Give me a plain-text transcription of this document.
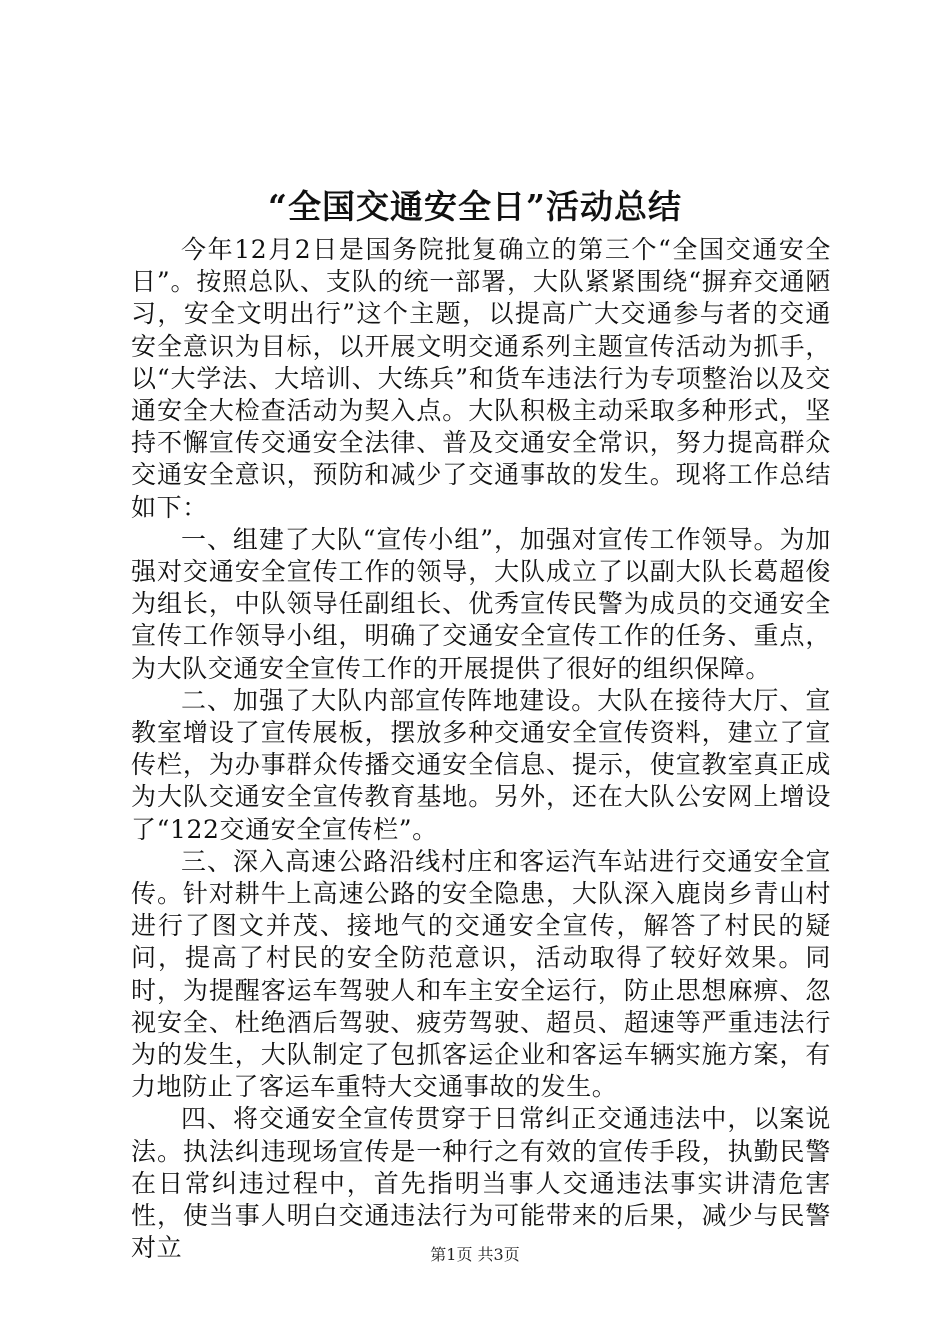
“全国交通安全日”活动总结

今年12月2日是国务院批复确立的第三个“全国交通安全日”。按照总队、支队的统一部署，大队紧紧围绕“摒弃交通陋习，安全文明出行”这个主题，以提高广大交通参与者的交通安全意识为目标，以开展文明交通系列主题宣传活动为抓手，以“大学法、大培训、大练兵”和货车违法行为专项整治以及交通安全大检查活动为契入点。大队积极主动采取多种形式，坚持不懈宣传交通安全法律、普及交通安全常识，努力提高群众交通安全意识，预防和减少了交通事故的发生。现将工作总结如下：

一、组建了大队“宣传小组”，加强对宣传工作领导。为加强对交通安全宣传工作的领导，大队成立了以副大队长葛超俊为组长，中队领导任副组长、优秀宣传民警为成员的交通安全宣传工作领导小组，明确了交通安全宣传工作的任务、重点，为大队交通安全宣传工作的开展提供了很好的组织保障。

二、加强了大队内部宣传阵地建设。大队在接待大厅、宣教室增设了宣传展板，摆放多种交通安全宣传资料，建立了宣传栏，为办事群众传播交通安全信息、提示，使宣教室真正成为大队交通安全宣传教育基地。另外，还在大队公安网上增设了“122交通安全宣传栏”。

三、深入高速公路沿线村庄和客运汽车站进行交通安全宣传。针对耕牛上高速公路的安全隐患，大队深入鹿岗乡青山村进行了图文并茂、接地气的交通安全宣传，解答了村民的疑问，提高了村民的安全防范意识，活动取得了较好效果。同时，为提醒客运车驾驶人和车主安全运行，防止思想麻痹、忽视安全、杜绝酒后驾驶、疲劳驾驶、超员、超速等严重违法行为的发生，大队制定了包抓客运企业和客运车辆实施方案，有力地防止了客运车重特大交通事故的发生。

四、将交通安全宣传贯穿于日常纠正交通违法中，以案说法。执法纠违现场宣传是一种行之有效的宣传手段，执勤民警在日常纠违过程中，首先指明当事人交通违法事实讲清危害性，使当事人明白交通违法行为可能带来的后果，减少与民警对立	第1页 共3页
